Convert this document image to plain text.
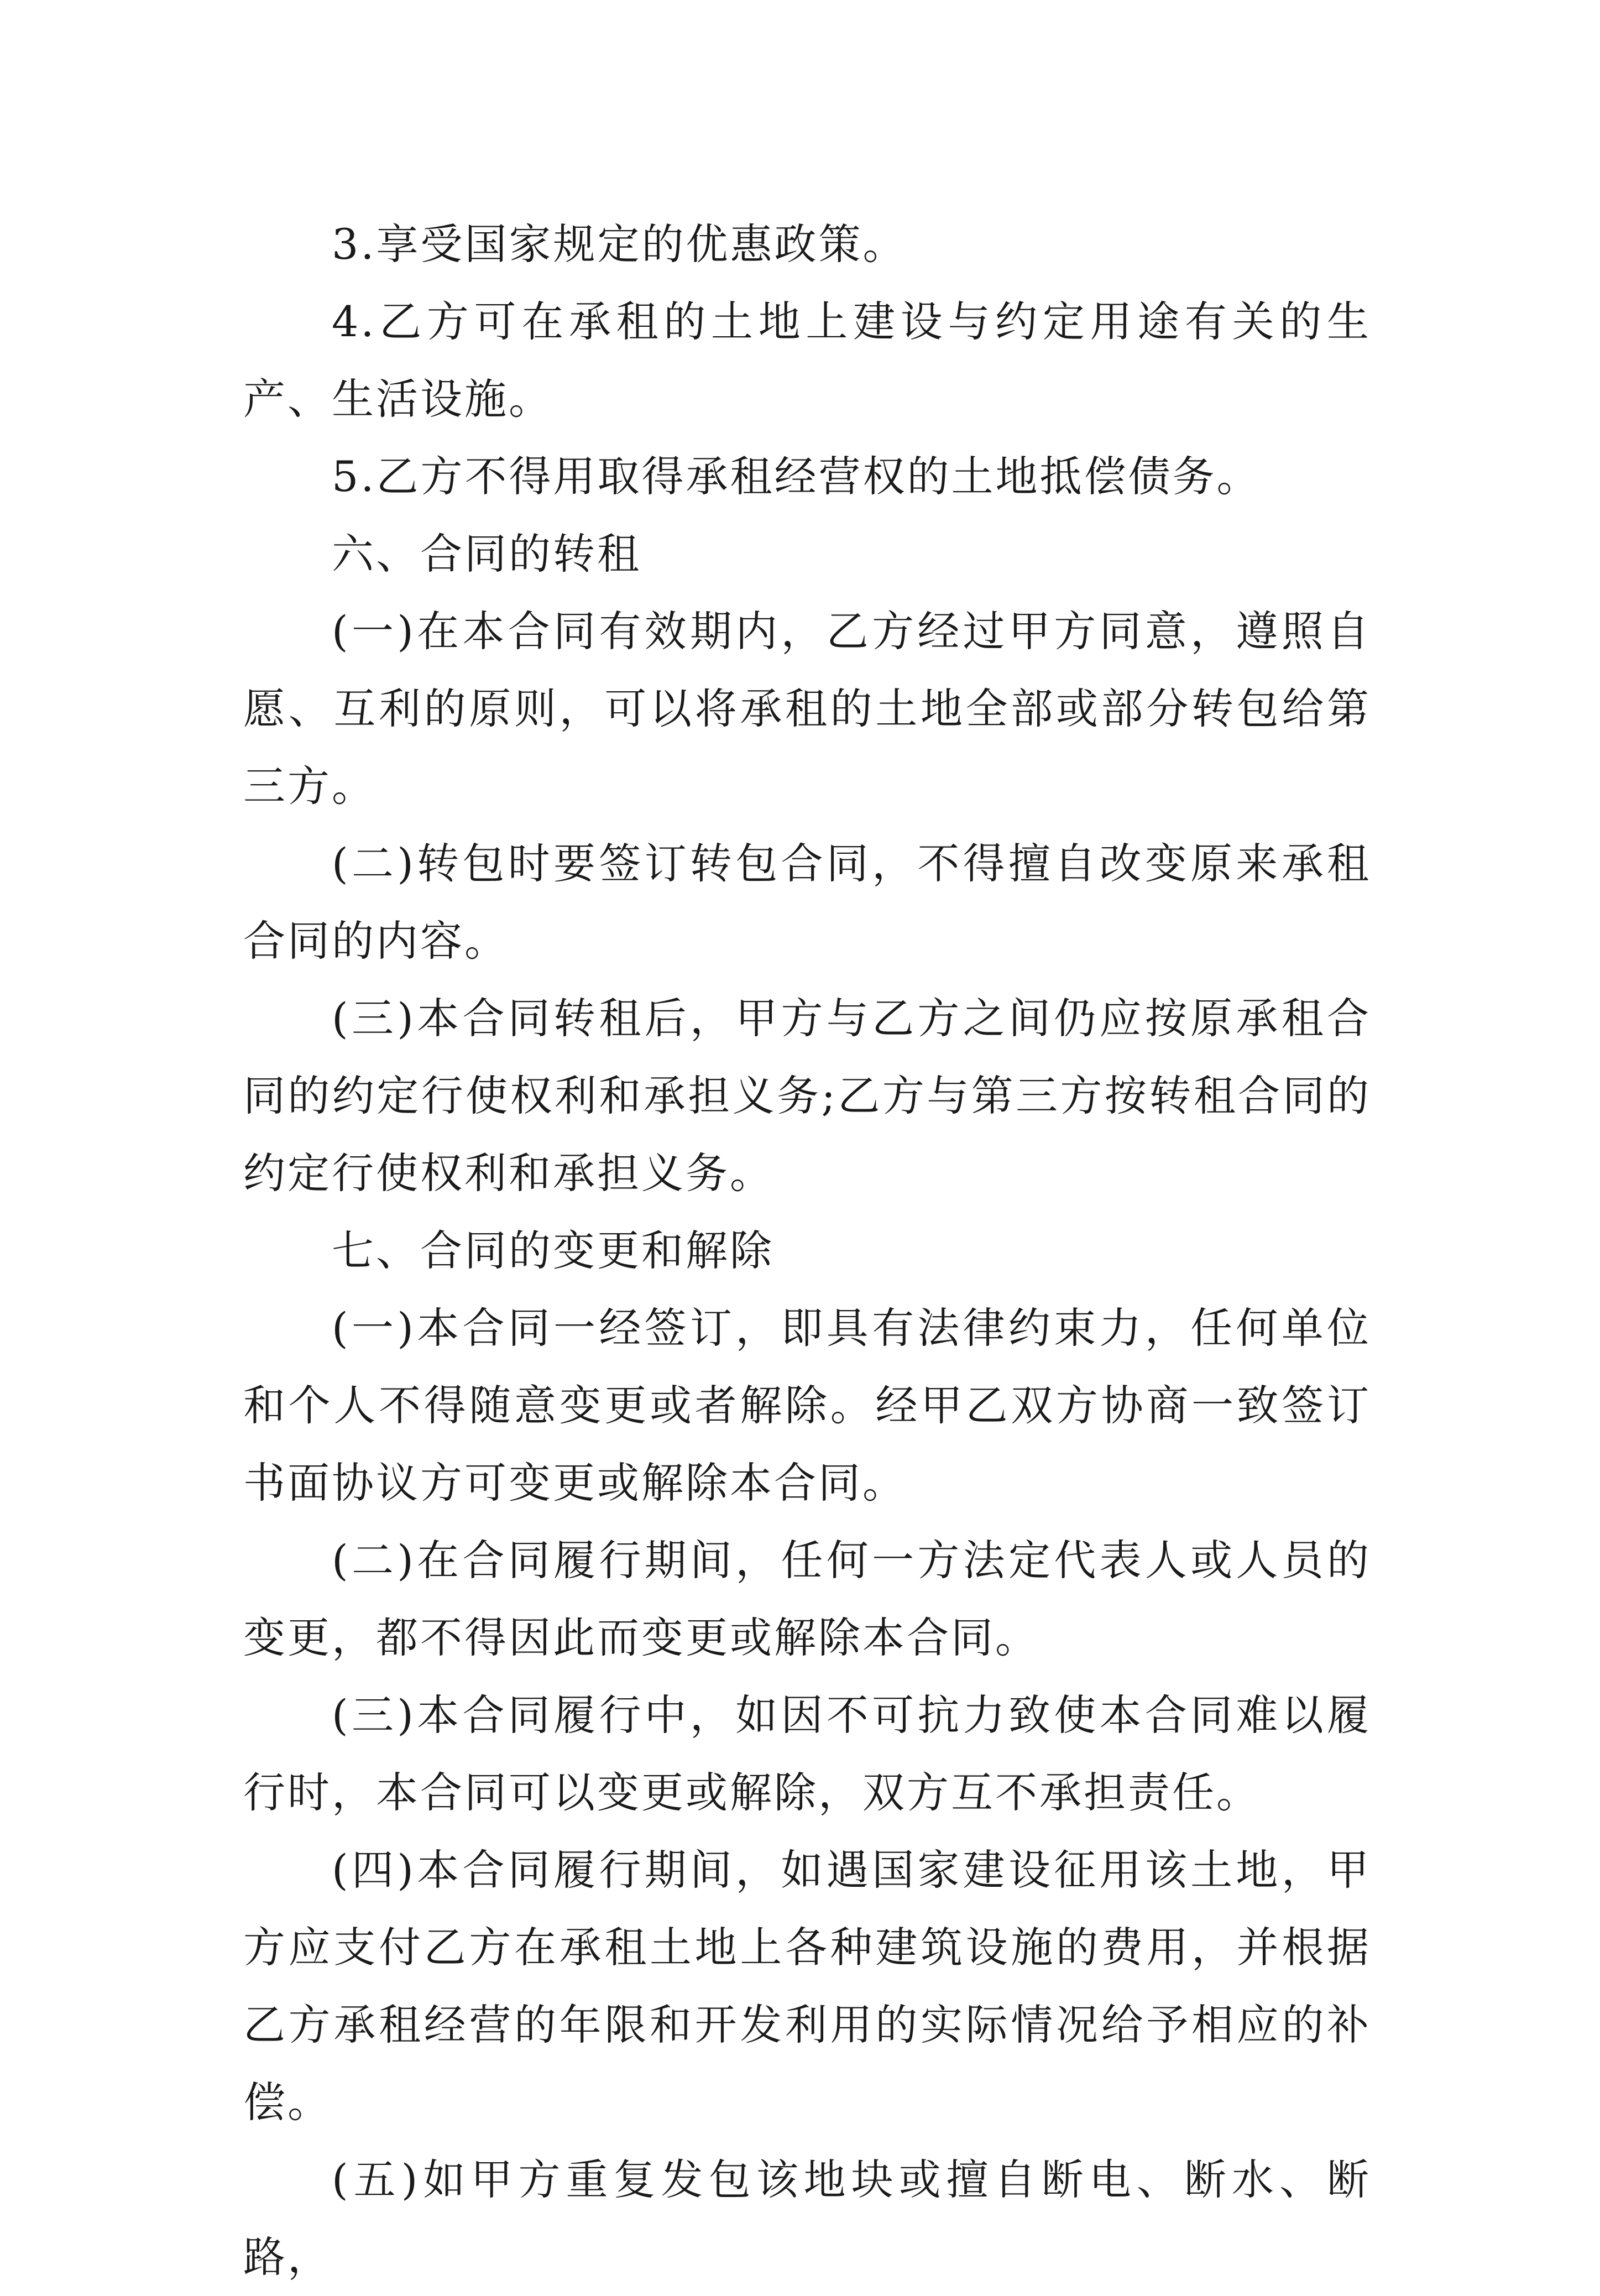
3.享受国家规定的优惠政策。

4.乙方可在承租的土地上建设与约定用途有关的生产、生活设施。

5.乙方不得用取得承租经营权的土地抵偿债务。

六、合同的转租

(一)在本合同有效期内，乙方经过甲方同意，遵照自愿、互利的原则，可以将承租的土地全部或部分转包给第三方。

(二)转包时要签订转包合同，不得擅自改变原来承租合同的内容。

(三)本合同转租后，甲方与乙方之间仍应按原承租合同的约定行使权利和承担义务;乙方与第三方按转租合同的约定行使权利和承担义务。

七、合同的变更和解除

(一)本合同一经签订，即具有法律约束力，任何单位和个人不得随意变更或者解除。经甲乙双方协商一致签订书面协议方可变更或解除本合同。

(二)在合同履行期间，任何一方法定代表人或人员的变更，都不得因此而变更或解除本合同。

(三)本合同履行中，如因不可抗力致使本合同难以履行时，本合同可以变更或解除，双方互不承担责任。

(四)本合同履行期间，如遇国家建设征用该土地，甲方应支付乙方在承租土地上各种建筑设施的费用，并根据乙方承租经营的年限和开发利用的实际情况给予相应的补偿。

(五)如甲方重复发包该地块或擅自断电、断水、断路，
